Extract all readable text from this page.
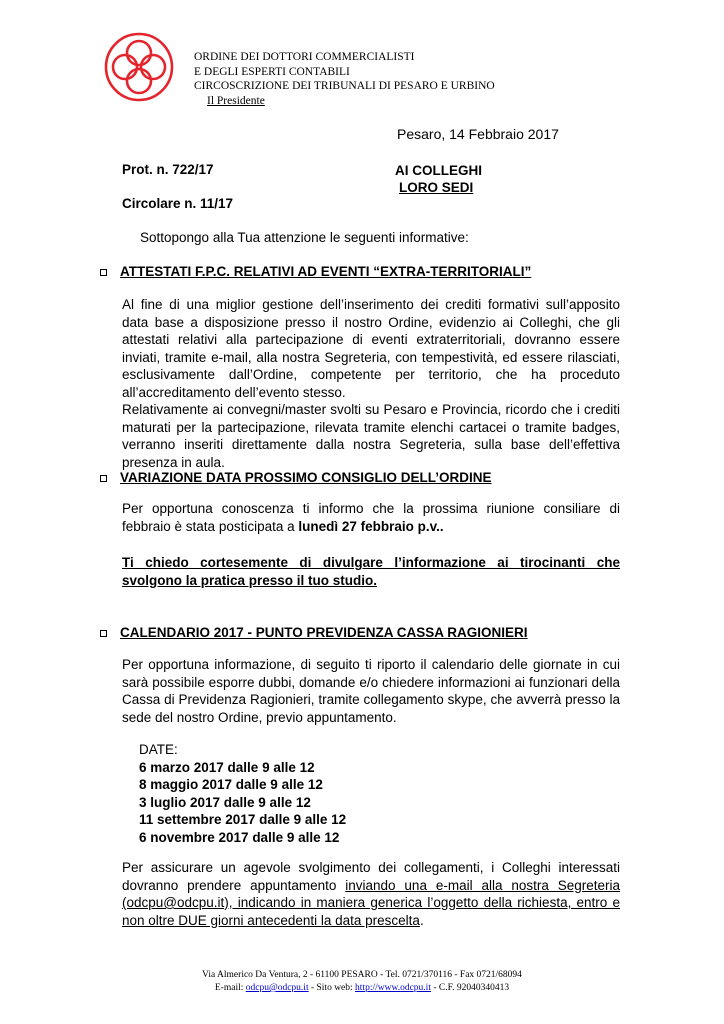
ORDINE DEI DOTTORI COMMERCIALISTI
E DEGLI ESPERTI CONTABILI
CIRCOSCRIZIONE DEI TRIBUNALI DI PESARO E URBINO
Il Presidente
Pesaro, 14 Febbraio 2017
Prot. n. 722/17	AI COLLEGHI
LORO SEDI
Circolare n. 11/17
Sottopongo alla Tua attenzione le seguenti informative:
ATTESTATI F.P.C. RELATIVI AD EVENTI “EXTRA-TERRITORIALI”

Al fine di una miglior gestione dell’inserimento dei crediti formativi sull’apposito data base a disposizione presso il nostro Ordine, evidenzio ai Colleghi, che gli attestati relativi alla partecipazione di eventi extraterritoriali, dovranno essere inviati, tramite e-mail, alla nostra Segreteria, con tempestività, ed essere rilasciati, esclusivamente dall’Ordine, competente per territorio, che ha proceduto all’accreditamento dell’evento stesso.

Relativamente ai convegni/master svolti su Pesaro e Provincia, ricordo che i crediti maturati per la partecipazione, rilevata tramite elenchi cartacei o tramite badges, verranno inseriti direttamente dalla nostra Segreteria, sulla base dell’effettiva presenza in aula.

VARIAZIONE DATA PROSSIMO CONSIGLIO DELL’ORDINE

Per opportuna conoscenza ti informo che la prossima riunione consiliare di febbraio è stata posticipata a lunedì 27 febbraio p.v..

Ti chiedo cortesemente di divulgare l’informazione ai tirocinanti che svolgono la pratica presso il tuo studio.

CALENDARIO 2017 - PUNTO PREVIDENZA CASSA RAGIONIERI

Per opportuna informazione, di seguito ti riporto il calendario delle giornate in cui sarà possibile esporre dubbi, domande e/o chiedere informazioni ai funzionari della Cassa di Previdenza Ragionieri, tramite collegamento skype, che avverrà presso la sede del nostro Ordine, previo appuntamento.

DATE:
6 marzo 2017 dalle 9 alle 12
8 maggio 2017 dalle 9 alle 12
3 luglio 2017 dalle 9 alle 12
11 settembre 2017 dalle 9 alle 12
6 novembre 2017 dalle 9 alle 12

Per assicurare un agevole svolgimento dei collegamenti, i Colleghi interessati dovranno prendere appuntamento inviando una e-mail alla nostra Segreteria (odcpu@odcpu.it), indicando in maniera generica l’oggetto della richiesta, entro e non oltre DUE giorni antecedenti la data prescelta.

Via Almerico Da Ventura, 2 - 61100 PESARO - Tel. 0721/370116 - Fax 0721/68094
E-mail: odcpu@odcpu.it - Sito web: http://www.odcpu.it - C.F. 92040340413
